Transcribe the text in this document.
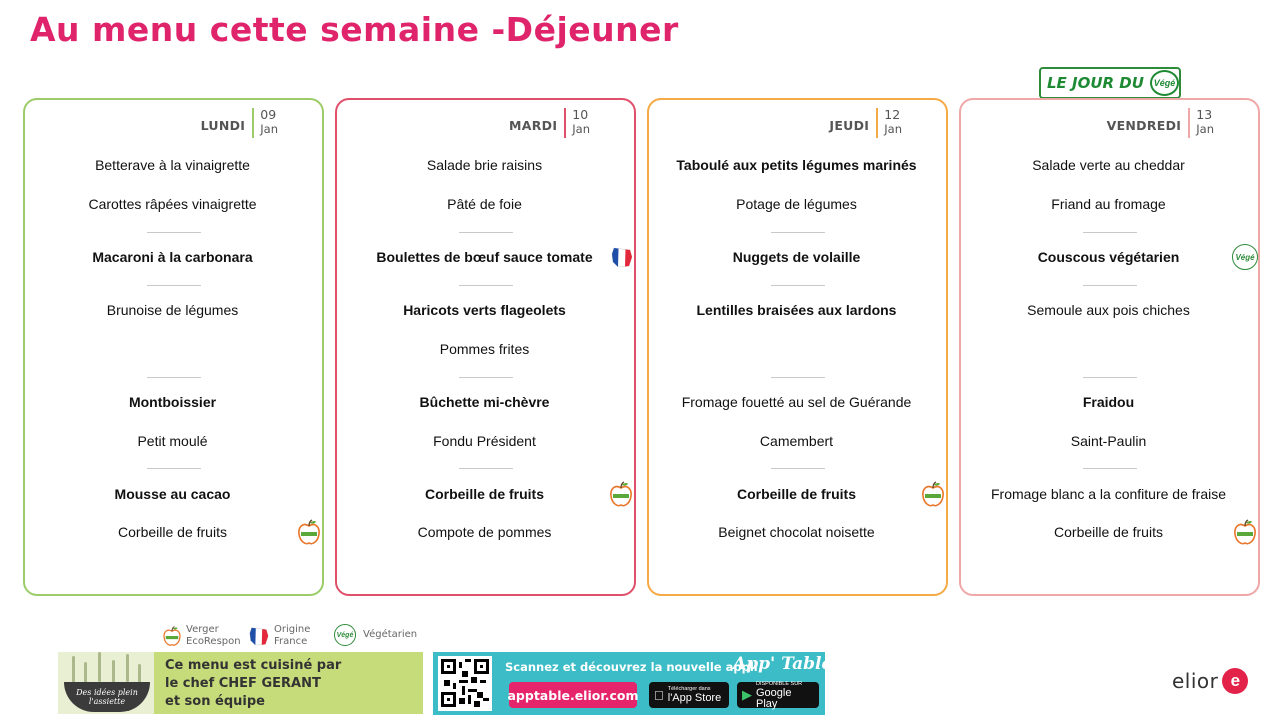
Au menu cette semaine -Déjeuner
LE JOUR DU	Végé
LUNDI
09
Jan
Betterave à la vinaigrette
Carottes râpées vinaigrette
Macaroni à la carbonara
Brunoise de légumes
Montboissier
Petit moulé
Mousse au cacao
Corbeille de fruits
MARDI
10
Jan
Salade brie raisins
Pâté de foie
Boulettes de bœuf sauce tomate
Haricots verts flageolets
Pommes frites
Bûchette mi-chèvre
Fondu Président
Corbeille de fruits
Compote de pommes
JEUDI
12
Jan
Taboulé aux petits légumes marinés
Potage de légumes
Nuggets de volaille
Lentilles braisées aux lardons
Fromage fouetté au sel de Guérande
Camembert
Corbeille de fruits
Beignet chocolat noisette
VENDREDI
13
Jan
Salade verte au cheddar
Friand au fromage
Couscous végétarien	Végé
Semoule aux pois chiches
Fraidou
Saint-Paulin
Fromage blanc a la confiture de fraise
Corbeille de fruits
Verger EcoRespon
Origine France
Végé Végétarien
Des idées plein l'assiette
Ce menu est cuisiné par
le chef CHEF GERANT
et son équipe
Scannez et découvrez la nouvelle appli
App' Table
apptable.elior.com	Télécharger dans
l'App Store ▶
DISPONIBLE SUR
Google Play
elior e
